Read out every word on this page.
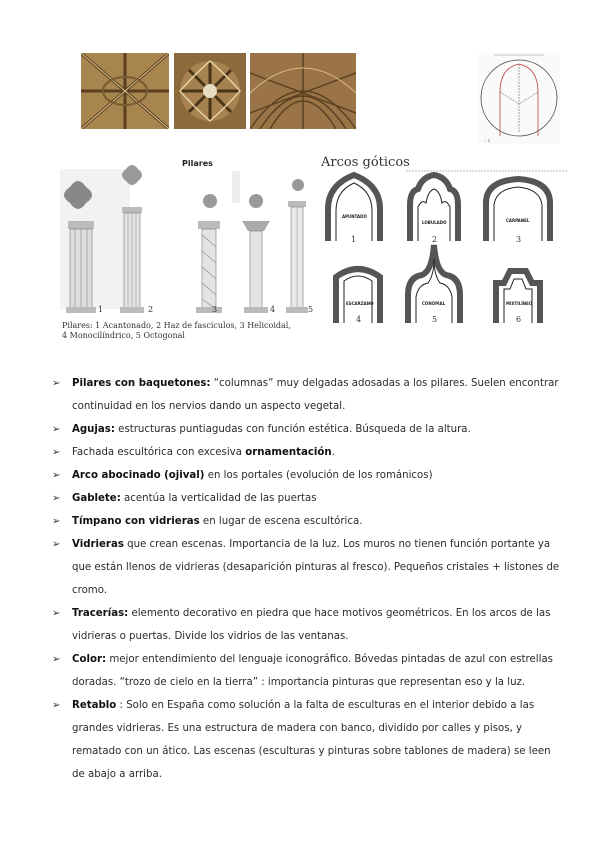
∴ s
Pilares
1	2	3	4	5
Pilares: 1 Acantonado, 2 Haz de fascículos, 3 Helicoidal,
4 Monocilíndrico, 5 Octogonal
Arcos góticos
APUNTADO
LOBULADO	CARPANEL
ESCARZANO	CONOPIAL	MIXTILÍNEO
1	2	3
4	5	6
➢ Pilares con baquetones: “columnas” muy delgadas adosadas a los pilares. Suelen encontrar continuidad en los nervios dando un aspecto vegetal.
➢ Agujas: estructuras puntiagudas con función estética. Búsqueda de la altura.
➢ Fachada escultórica con excesiva ornamentación.
➢ Arco abocinado (ojival) en los portales (evolución de los románicos)
➢ Gablete: acentúa la verticalidad de las puertas
➢ Tímpano con vidrieras en lugar de escena escultórica.
➢ Vidrieras que crean escenas. Importancia de la luz. Los muros no tienen función portante ya que están llenos de vidrieras (desaparición pinturas al fresco). Pequeños cristales + listones de cromo.
➢ Tracerías: elemento decorativo en piedra que hace motivos geométricos. En los arcos de las vidrieras o puertas. Divide los vidrios de las ventanas.
➢ Color: mejor entendimiento del lenguaje iconográfico. Bóvedas pintadas de azul con estrellas doradas. “trozo de cielo en la tierra” : importancia pinturas que representan eso y la luz.
➢ Retablo : Solo en España como solución a la falta de esculturas en el interior debido a las grandes vidrieras. Es una estructura de madera con banco, dividido por calles y pisos, y rematado con un ático. Las escenas (esculturas y pinturas sobre tablones de madera) se leen de abajo a arriba.
